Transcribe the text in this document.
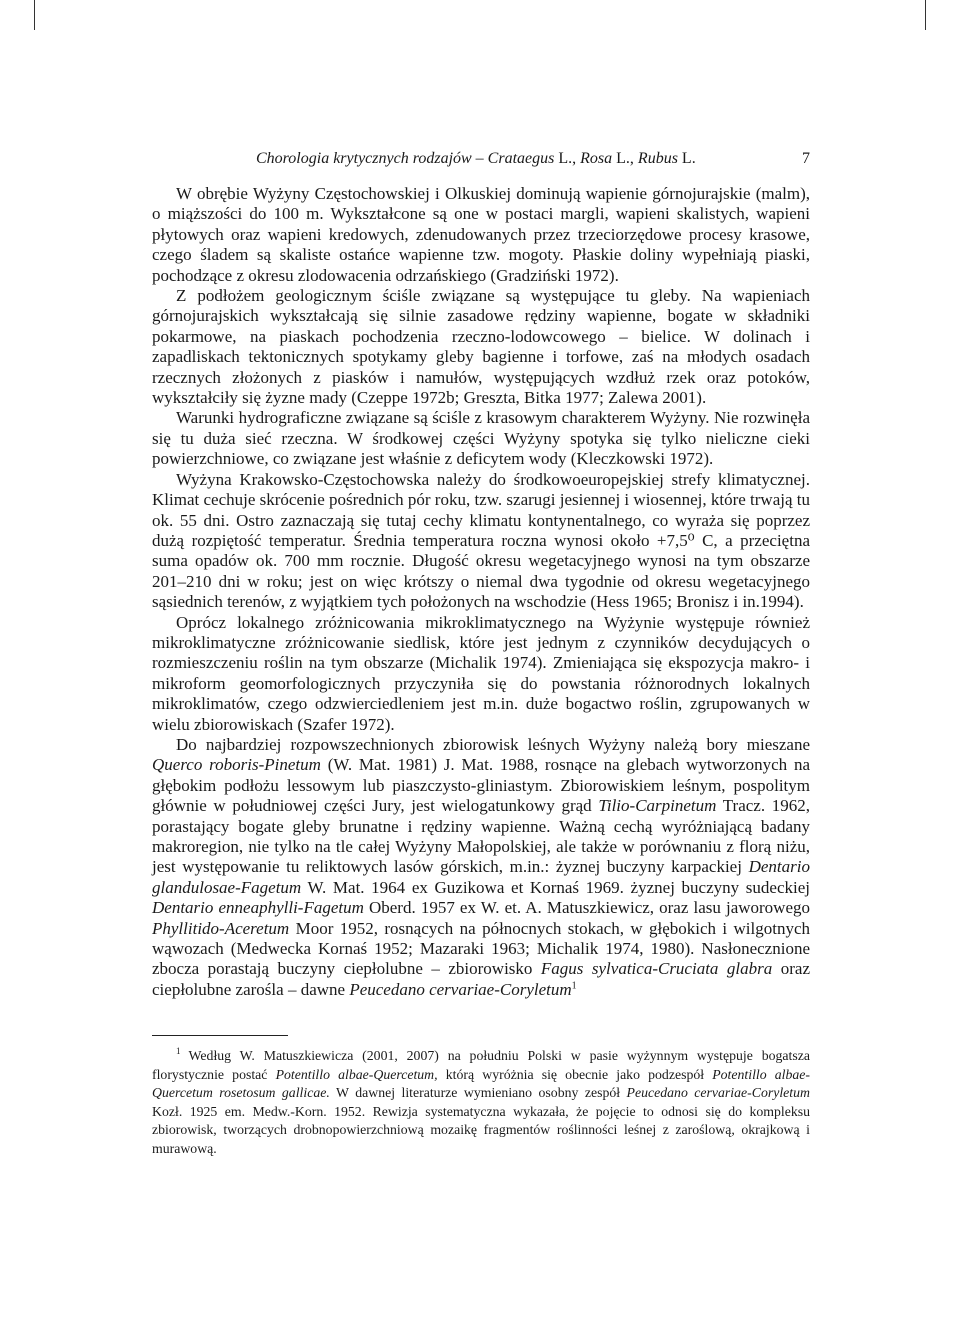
Chorologia krytycznych rodzajów – Crataegus L., Rosa L., Rubus L.	7

W obrębie Wyżyny Częstochowskiej i Olkuskiej dominują wapienie górnojurajskie (malm), o miąższości do 100 m. Wykształcone są one w postaci margli, wapieni skalistych, wapieni płytowych oraz wapieni kredowych, zdenudowanych przez trzeciorzędowe procesy krasowe, czego śladem są skaliste ostańce wapienne tzw. mogoty. Płaskie doliny wypełniają piaski, pochodzące z okresu zlodowacenia odrzańskiego (Gradziński 1972).

Z podłożem geologicznym ściśle związane są występujące tu gleby. Na wapieniach górnojurajskich wykształcają się silnie zasadowe rędziny wapienne, bogate w składniki pokarmowe, na piaskach pochodzenia rzeczno-lodowcowego – bielice. W dolinach i zapadliskach tektonicznych spotykamy gleby bagienne i torfowe, zaś na młodych osadach rzecznych złożonych z piasków i namułów, występujących wzdłuż rzek oraz potoków, wykształciły się żyzne mady (Czeppe 1972b; Greszta, Bitka 1977; Zalewa 2001).

Warunki hydrograficzne związane są ściśle z krasowym charakterem Wyżyny. Nie rozwinęła się tu duża sieć rzeczna. W środkowej części Wyżyny spotyka się tylko nieliczne cieki powierzchniowe, co związane jest właśnie z deficytem wody (Kleczkowski 1972).

Wyżyna Krakowsko-Częstochowska należy do środkowoeuropejskiej strefy klimatycznej. Klimat cechuje skrócenie pośrednich pór roku, tzw. szarugi jesiennej i wiosennej, które trwają tu ok. 55 dni. Ostro zaznaczają się tutaj cechy klimatu kontynentalnego, co wyraża się poprzez dużą rozpiętość temperatur. Średnia temperatura roczna wynosi około +7,5⁰ C, a przeciętna suma opadów ok. 700 mm rocznie. Długość okresu wegetacyjnego wynosi na tym obszarze 201–210 dni w roku; jest on więc krótszy o niemal dwa tygodnie od okresu wegetacyjnego sąsiednich terenów, z wyjątkiem tych położonych na wschodzie (Hess 1965; Bronisz i in.1994).

Oprócz lokalnego zróżnicowania mikroklimatycznego na Wyżynie występuje również mikroklimatyczne zróżnicowanie siedlisk, które jest jednym z czynników decydujących o rozmieszczeniu roślin na tym obszarze (Michalik 1974). Zmieniająca się ekspozycja makro- i mikroform geomorfologicznych przyczyniła się do powstania różnorodnych lokalnych mikroklimatów, czego odzwierciedleniem jest m.in. duże bogactwo roślin, zgrupowanych w wielu zbiorowiskach (Szafer 1972).

Do najbardziej rozpowszechnionych zbiorowisk leśnych Wyżyny należą bory mieszane Querco roboris-Pinetum (W. Mat. 1981) J. Mat. 1988, rosnące na glebach wytworzonych na głębokim podłożu lessowym lub piaszczysto-gliniastym. Zbiorowiskiem leśnym, pospolitym głównie w południowej części Jury, jest wielogatunkowy grąd Tilio-Carpinetum Tracz. 1962, porastający bogate gleby brunatne i rędziny wapienne. Ważną cechą wyróżniającą badany makroregion, nie tylko na tle całej Wyżyny Małopolskiej, ale także w porównaniu z florą niżu, jest występowanie tu reliktowych lasów górskich, m.in.: żyznej buczyny karpackiej Dentario glandulosae-Fagetum W. Mat. 1964 ex Guzikowa et Kornaś 1969. żyznej buczyny sudeckiej Dentario enneaphylli-Fagetum Oberd. 1957 ex W. et. A. Matuszkiewicz, oraz lasu jaworowego Phyllitido-Aceretum Moor 1952, rosnących na północnych stokach, w głębokich i wilgotnych wąwozach (Medwecka Kornaś 1952; Mazaraki 1963; Michalik 1974, 1980). Nasłonecznione zbocza porastają buczyny ciepłolubne – zbiorowisko Fagus sylvatica-Cruciata glabra oraz ciepłolubne zarośla – dawne Peucedano cervariae-Coryletum$^1$

$^1$ Według W. Matuszkiewicza (2001, 2007) na południu Polski w pasie wyżynnym występuje bogatsza florystycznie postać Potentillo albae-Quercetum, którą wyróżnia się obecnie jako podzespół Potentillo albae-Quercetum rosetosum gallicae. W dawnej literaturze wymieniano osobny zespół Peucedano cervariae-Coryletum Kozł. 1925 em. Medw.-Korn. 1952. Rewizja systematyczna wykazała, że pojęcie to odnosi się do kompleksu zbiorowisk, tworzących drobnopowierzchniową mozaikę fragmentów roślinności leśnej z zaroślową, okrajkową i murawową.
